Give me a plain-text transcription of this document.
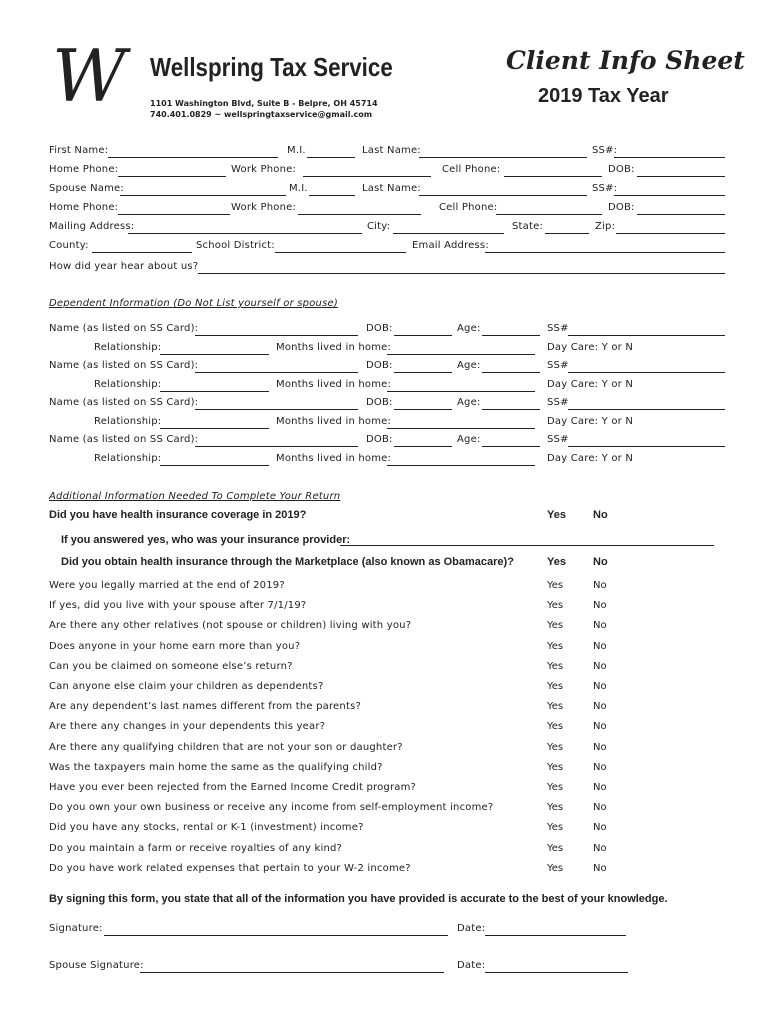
W Wellspring Tax Service
1101 Washington Blvd, Suite B - Belpre, OH 45714
740.401.0829 ~ wellspringtaxservice@gmail.com
Client Info Sheet
2019 Tax Year
First Name:	M.I.	Last Name:	SS#:
Home Phone:	Work Phone:	Cell Phone:	DOB:
Spouse Name:	M.I.	Last Name:	SS#:
Home Phone:	Work Phone:	Cell Phone:	DOB:
Mailing Address:	City:	State:	Zip:
County:	School District:	Email Address:
How did year hear about us?
Dependent Information (Do Not List yourself or spouse)
Name (as listed on SS Card):	DOB:	Age:	SS#
Relationship:	Months lived in home:	Day Care: Y or N
Name (as listed on SS Card):	DOB:	Age:	SS#
Relationship:	Months lived in home:	Day Care: Y or N
Name (as listed on SS Card):	DOB:	Age:	SS#
Relationship:	Months lived in home:	Day Care: Y or N
Name (as listed on SS Card):	DOB:	Age:	SS#
Relationship:	Months lived in home:	Day Care: Y or N
Additional Information Needed To Complete Your Return
Did you have health insurance coverage in 2019?	Yes No
If you answered yes, who was your insurance provider:
Did you obtain health insurance through the Marketplace (also known as Obamacare)?	Yes No
Were you legally married at the end of 2019?	Yes	No
If yes, did you live with your spouse after 7/1/19?	Yes	No
Are there any other relatives (not spouse or children) living with you?	Yes	No
Does anyone in your home earn more than you?	Yes	No
Can you be claimed on someone else’s return?	Yes	No
Can anyone else claim your children as dependents?	Yes	No
Are any dependent’s last names different from the parents?	Yes	No
Are there any changes in your dependents this year?	Yes	No
Are there any qualifying children that are not your son or daughter?	Yes	No
Was the taxpayers main home the same as the qualifying child?	Yes	No
Have you ever been rejected from the Earned Income Credit program?	Yes	No
Do you own your own business or receive any income from self-employment income?	Yes	No
Did you have any stocks, rental or K-1 (investment) income?	Yes	No
Do you maintain a farm or receive royalties of any kind?	Yes	No
Do you have work related expenses that pertain to your W-2 income?	Yes	No
By signing this form, you state that all of the information you have provided is accurate to the best of your knowledge.
Signature:	Date:
Spouse Signature:	Date:
